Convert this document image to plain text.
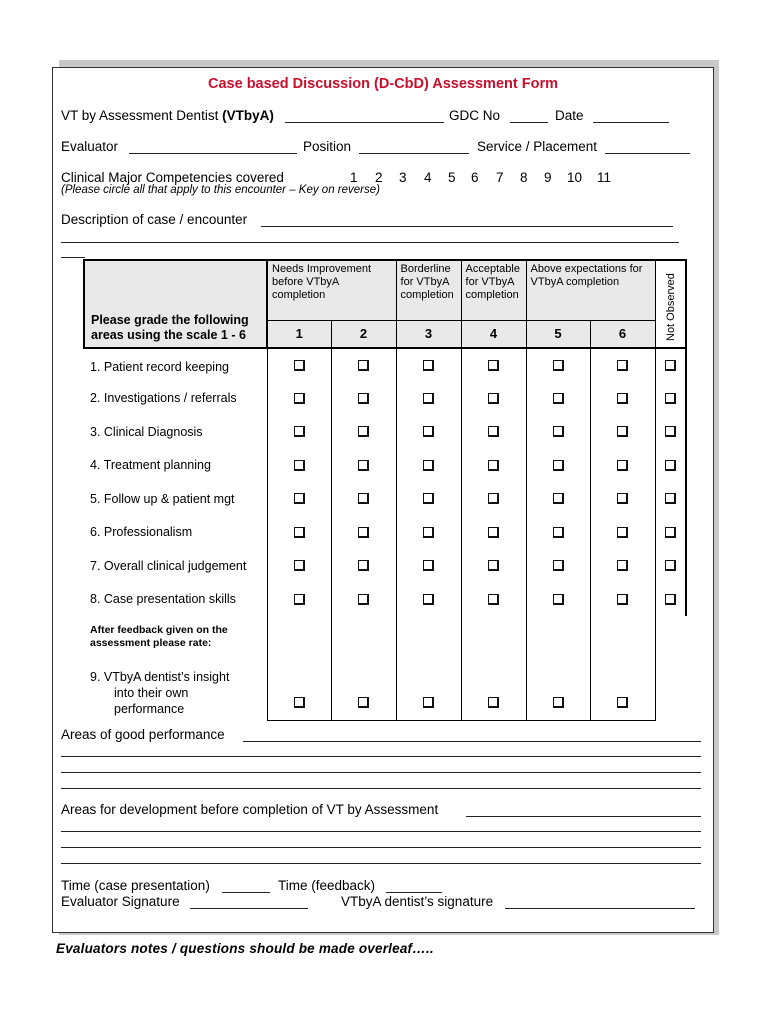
Case based Discussion (D-CbD) Assessment Form
VT by Assessment Dentist (VTbyA)	GDC No	Date
Evaluator	Position	Service / Placement
Clinical Major Competencies covered	1 2 3 4 5 6 7 8 9 10 11
(Please circle all that apply to this encounter – Key on reverse)
Description of case / encounter
Please grade the following areas using the scale 1 - 6	Needs Improvement before VTbyA completion		Borderline for VTbyA completion	Acceptable for VTbyA completion	Above expectations for VTbyA completion		Not Observed
	1	2	3	4	5	6	
1. Patient record keeping							
2. Investigations / referrals							
3. Clinical Diagnosis							
4. Treatment planning							
5. Follow up & patient mgt							
6. Professionalism							
7. Overall clinical judgement							
8. Case presentation skills							
After feedback given on the assessment please rate:							

9. VTbyA dentist’s insight
into their own
performance							

Areas of good performance
Areas for development before completion of VT by Assessment
Time (case presentation)	Time (feedback)
Evaluator Signature	VTbyA dentist’s signature
Evaluators notes / questions should be made overleaf…..
